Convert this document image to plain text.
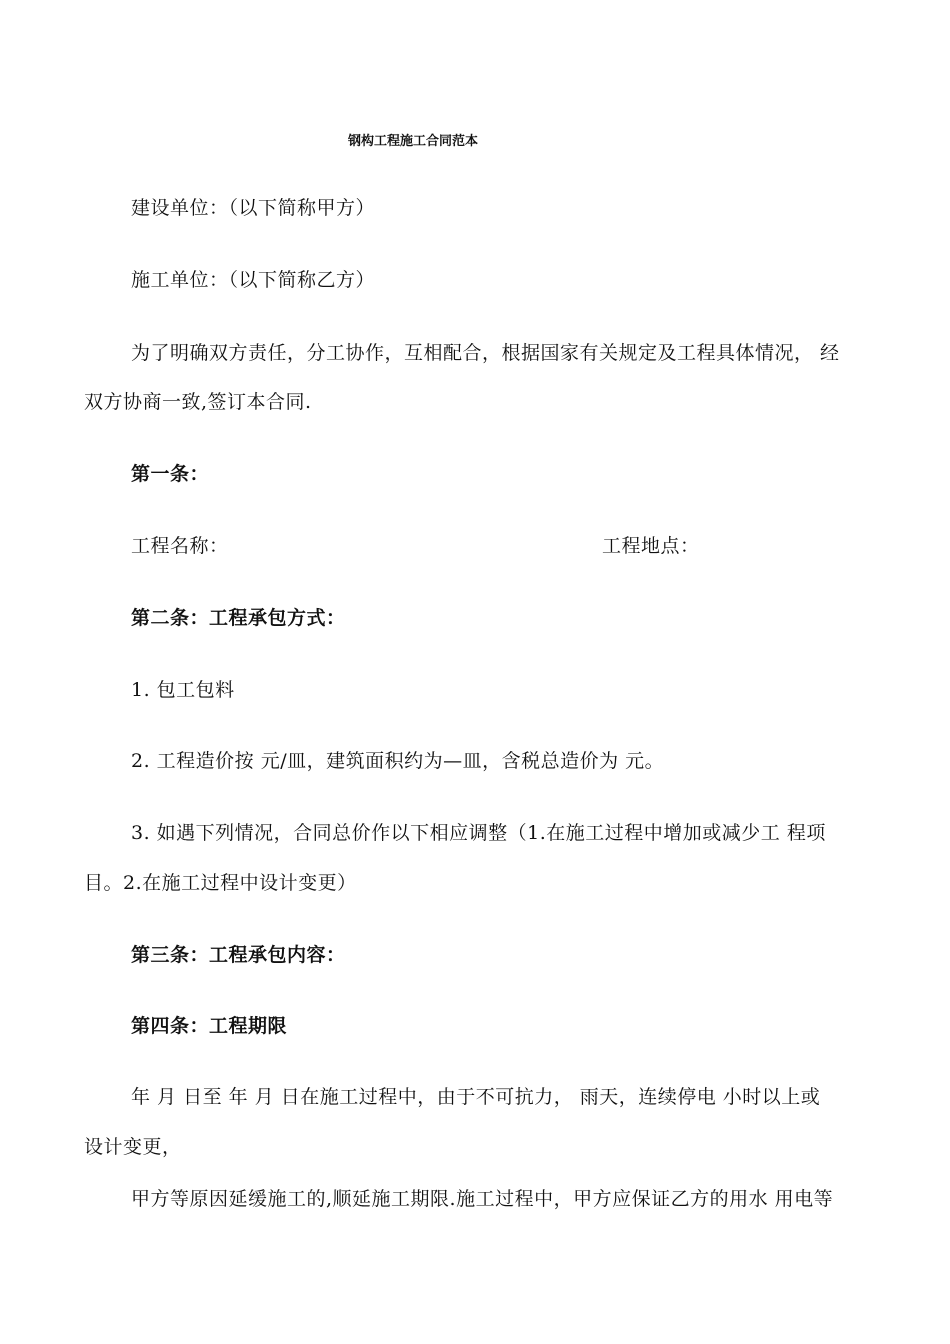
钢构工程施工合同范本
建设单位：（以下简称甲方）
施工单位：（以下简称乙方）
为了明确双方责任，分工协作，互相配合，根据国家有关规定及工程具体情况， 经
双方协商一致,签订本合同.
第一条：
工程名称：	工程地点：
第二条：工程承包方式：
1. 包工包料
2. 工程造价按 元/皿，建筑面积约为—皿，含税总造价为 元。
3. 如遇下列情况，合同总价作以下相应调整（1.在施工过程中增加或减少工 程项
目。2.在施工过程中设计变更）
第三条：工程承包内容：
第四条：工程期限
年 月 日至 年 月 日在施工过程中，由于不可抗力， 雨天，连续停电 小时以上或
设计变更，
甲方等原因延缓施工的,顺延施工期限.施工过程中，甲方应保证乙方的用水 用电等
